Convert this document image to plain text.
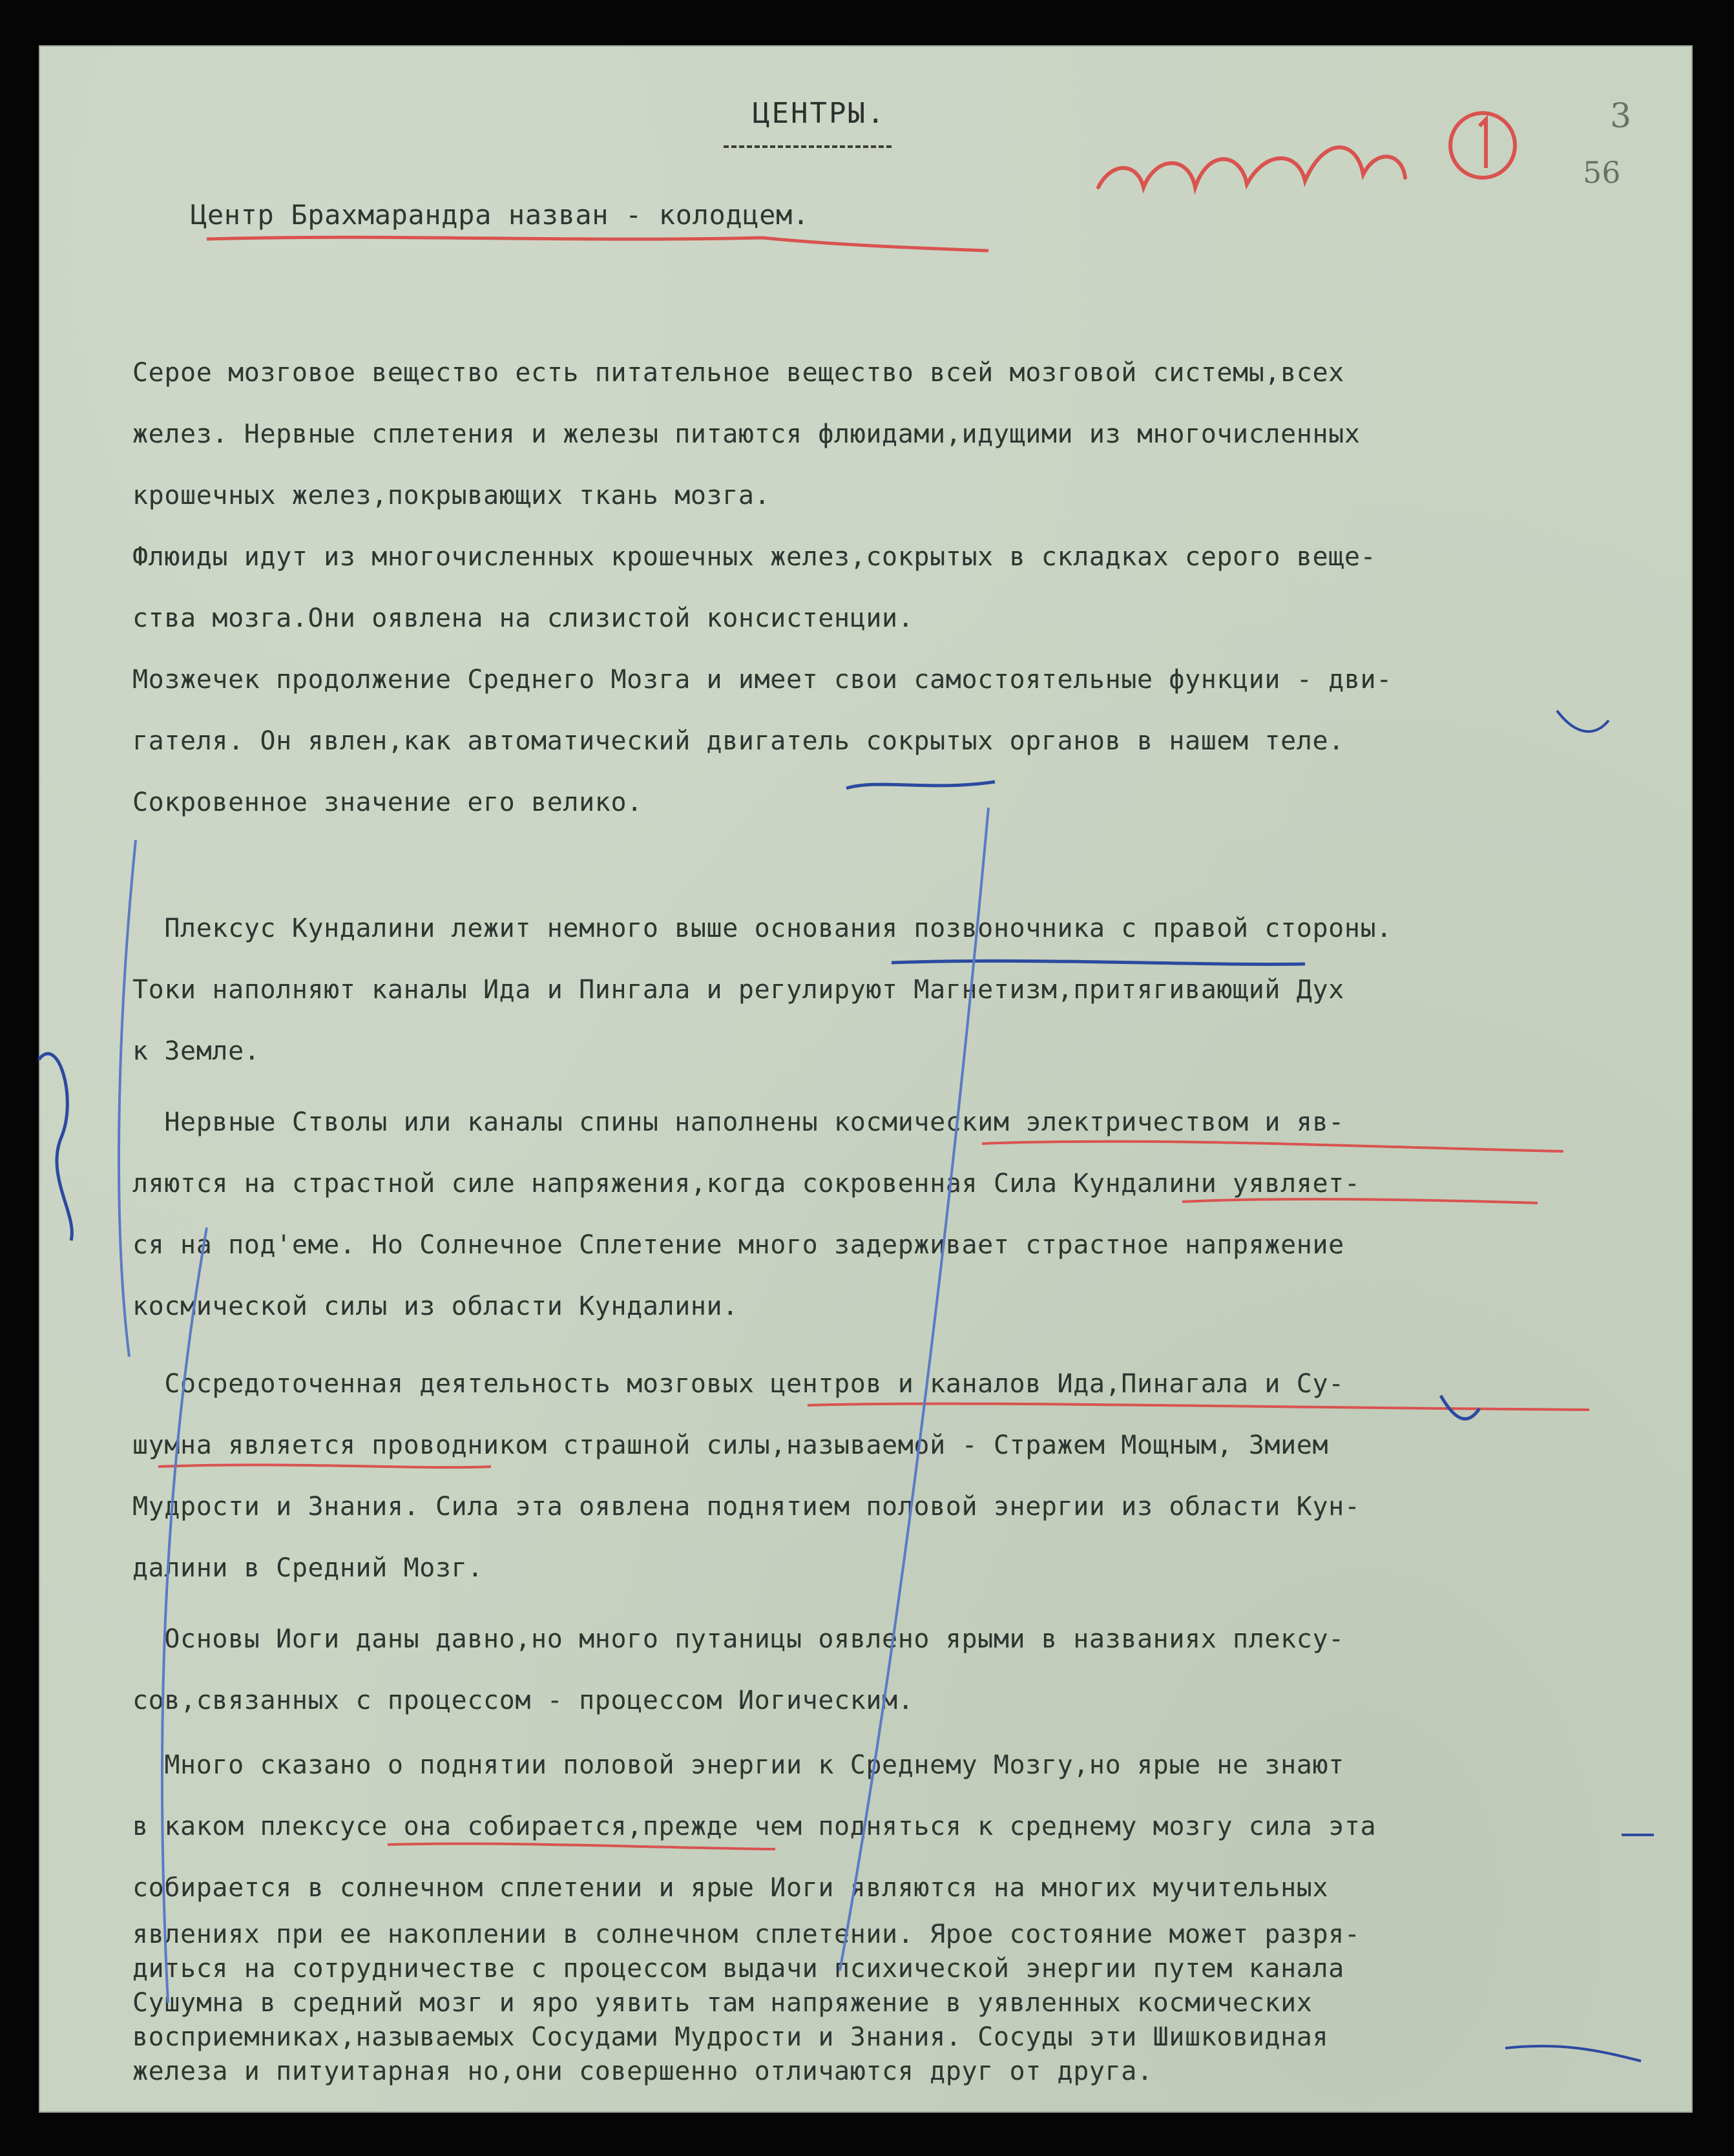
ЦЕНТРЫ.
Центр Брахмарандра назван - колодцем.
3
56

Серое мозговое вещество есть питательное вещество всей мозговой системы,всех
желез. Нервные сплетения и железы питаются флюидами,идущими из многочисленных
крошечных желез,покрывающих ткань мозга.
Флюиды идут из многочисленных крошечных желез,сокрытых в складках серого веще-
ства мозга.Они оявлена на слизистой консистенции.
Мозжечек продолжение Среднего Мозга и имеет свои самостоятельные функции - дви-
гателя. Он явлен,как автоматический двигатель сокрытых органов в нашем теле.
Сокровенное значение его велико.

Плексус Кундалини лежит немного выше основания позвоночника с правой стороны.
Токи наполняют каналы Ида и Пингала и регулируют Магнетизм,притягивающий Дух
к Земле.

Нервные Стволы или каналы спины наполнены космическим электричеством и яв-
ляются на страстной силе напряжения,когда сокровенная Сила Кундалини уявляет-
ся на под'еме. Но Солнечное Сплетение много задерживает страстное напряжение
космической силы из области Кундалини.

Сосредоточенная деятельность мозговых центров и каналов Ида,Пинагала и Су-
шумна является проводником страшной силы,называемой - Стражем Мощным, Змием
Мудрости и Знания. Сила эта оявлена поднятием половой энергии из области Кун-
далини в Средний Мозг.

Основы Иоги даны давно,но много путаницы оявлено ярыми в названиях плексу-
сов,связанных с процессом - процессом Иогическим.

Много сказано о поднятии половой энергии к Среднему Мозгу,но ярые не знают
в каком плексусе она собирается,прежде чем подняться к среднему мозгу сила эта
собирается в солнечном сплетении и ярые Иоги являются на многих мучительных

явлениях при ее накоплении в солнечном сплетении. Ярое состояние может разря-
диться на сотрудничестве с процессом выдачи психической энергии путем канала
Сушумна в средний мозг и яро уявить там напряжение в уявленных космических
восприемниках,называемых Сосудами Мудрости и Знания. Сосуды эти Шишковидная
железа и питуитарная но,они совершенно отличаются друг от друга.
